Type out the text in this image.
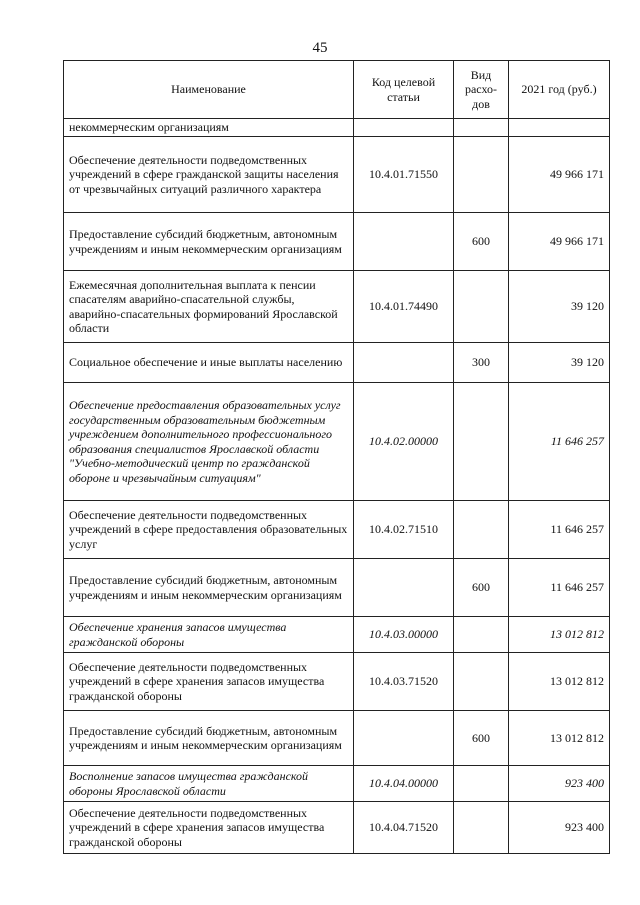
45
Наименование	Код целевой статьи	Вид расхо-дов	2021 год (руб.)
некоммерческим организациям			
Обеспечение деятельности подведомственных учреждений в сфере гражданской защиты населения от чрезвычайных ситуаций различного характера	10.4.01.71550		49 966 171
Предоставление субсидий бюджетным, автономным учреждениям и иным некоммерческим организациям		600	49 966 171
Ежемесячная дополнительная выплата к пенсии спасателям аварийно-спасательной службы, аварийно-спасательных формирований Ярославской области	10.4.01.74490		39 120
Социальное обеспечение и иные выплаты населению		300	39 120
Обеспечение предоставления образовательных услуг государственным образовательным бюджетным учреждением дополнительного профессионального образования специалистов Ярославской области "Учебно-методический центр по гражданской обороне и чрезвычайным ситуациям"	10.4.02.00000		11 646 257
Обеспечение деятельности подведомственных учреждений в сфере предоставления образовательных услуг	10.4.02.71510		11 646 257
Предоставление субсидий бюджетным, автономным учреждениям и иным некоммерческим организациям		600	11 646 257
Обеспечение хранения запасов имущества гражданской обороны	10.4.03.00000		13 012 812
Обеспечение деятельности подведомственных учреждений в сфере хранения запасов имущества гражданской обороны	10.4.03.71520		13 012 812
Предоставление субсидий бюджетным, автономным учреждениям и иным некоммерческим организациям		600	13 012 812
Восполнение запасов имущества гражданской обороны Ярославской области	10.4.04.00000		923 400
Обеспечение деятельности подведомственных учреждений в сфере хранения запасов имущества гражданской обороны	10.4.04.71520		923 400
